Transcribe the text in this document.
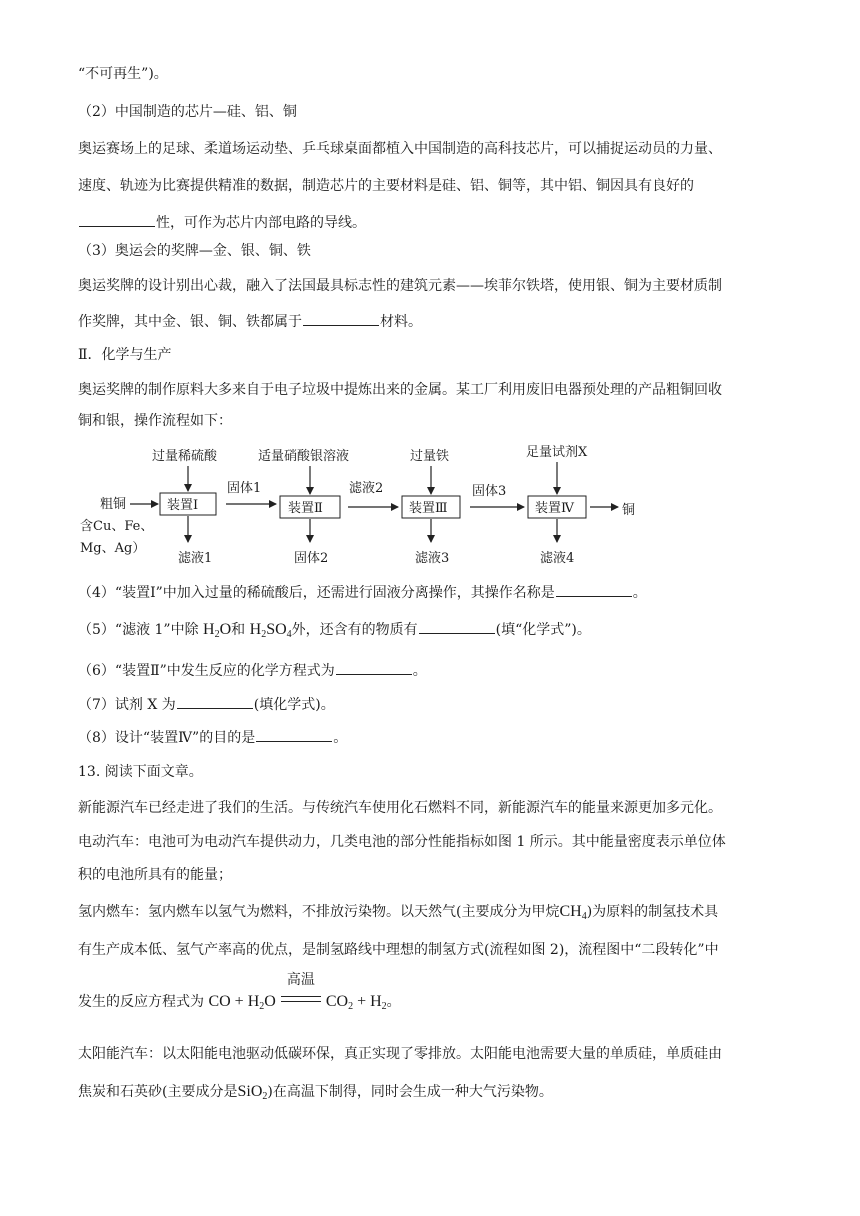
“不可再生”)。
（2）中国制造的芯片—硅、铝、铜
奥运赛场上的足球、柔道场运动垫、乒乓球桌面都植入中国制造的高科技芯片，可以捕捉运动员的力量、
速度、轨迹为比赛提供精准的数据，制造芯片的主要材料是硅、铝、铜等，其中铝、铜因具有良好的
性，可作为芯片内部电路的导线。
（3）奥运会的奖牌—金、银、铜、铁
奥运奖牌的设计别出心裁，融入了法国最具标志性的建筑元素——埃菲尔铁塔，使用银、铜为主要材质制
作奖牌，其中金、银、铜、铁都属于	材料。
Ⅱ．化学与生产
奥运奖牌的制作原料大多来自于电子垃圾中提炼出来的金属。某工厂利用废旧电器预处理的产品粗铜回收
铜和银，操作流程如下：
过量稀硫酸	适量硝酸银溶液	过量铁	足量试剂X
装置Ⅰ	装置Ⅱ	装置Ⅲ	装置Ⅳ
粗铜
含Cu、Fe、
Mg、Ag）
固体1	滤液2	固体3
铜
滤液1	固体2	滤液3	滤液4
（4）“装置Ⅰ”中加入过量的稀硫酸后，还需进行固液分离操作，其操作名称是	。
（5）“滤液 1”中除 $H_2O$和 $H_2SO_4$外，还含有的物质有	(填“化学式”)。
（6）“装置Ⅱ”中发生反应的化学方程式为	。
（7）试剂 X 为	(填化学式)。
（8）设计“装置Ⅳ”的目的是	。
13. 阅读下面文章。
新能源汽车已经走进了我们的生活。与传统汽车使用化石燃料不同，新能源汽车的能量来源更加多元化。
电动汽车：电池可为电动汽车提供动力，几类电池的部分性能指标如图 1 所示。其中能量密度表示单位体
积的电池所具有的能量；
氢内燃车：氢内燃车以氢气为燃料，不排放污染物。以天然气(主要成分为甲烷$CH_4$)为原料的制氢技术具
有生产成本低、氢气产率高的优点，是制氢路线中理想的制氢方式(流程如图 2)，流程图中“二段转化”中
发生的反应方程式为 CO + $H_2O$
高温
$CO_2 + H_2$。
太阳能汽车：以太阳能电池驱动低碳环保，真正实现了零排放。太阳能电池需要大量的单质硅，单质硅由
焦炭和石英砂(主要成分是SiO$_2$)在高温下制得，同时会生成一种大气污染物。
